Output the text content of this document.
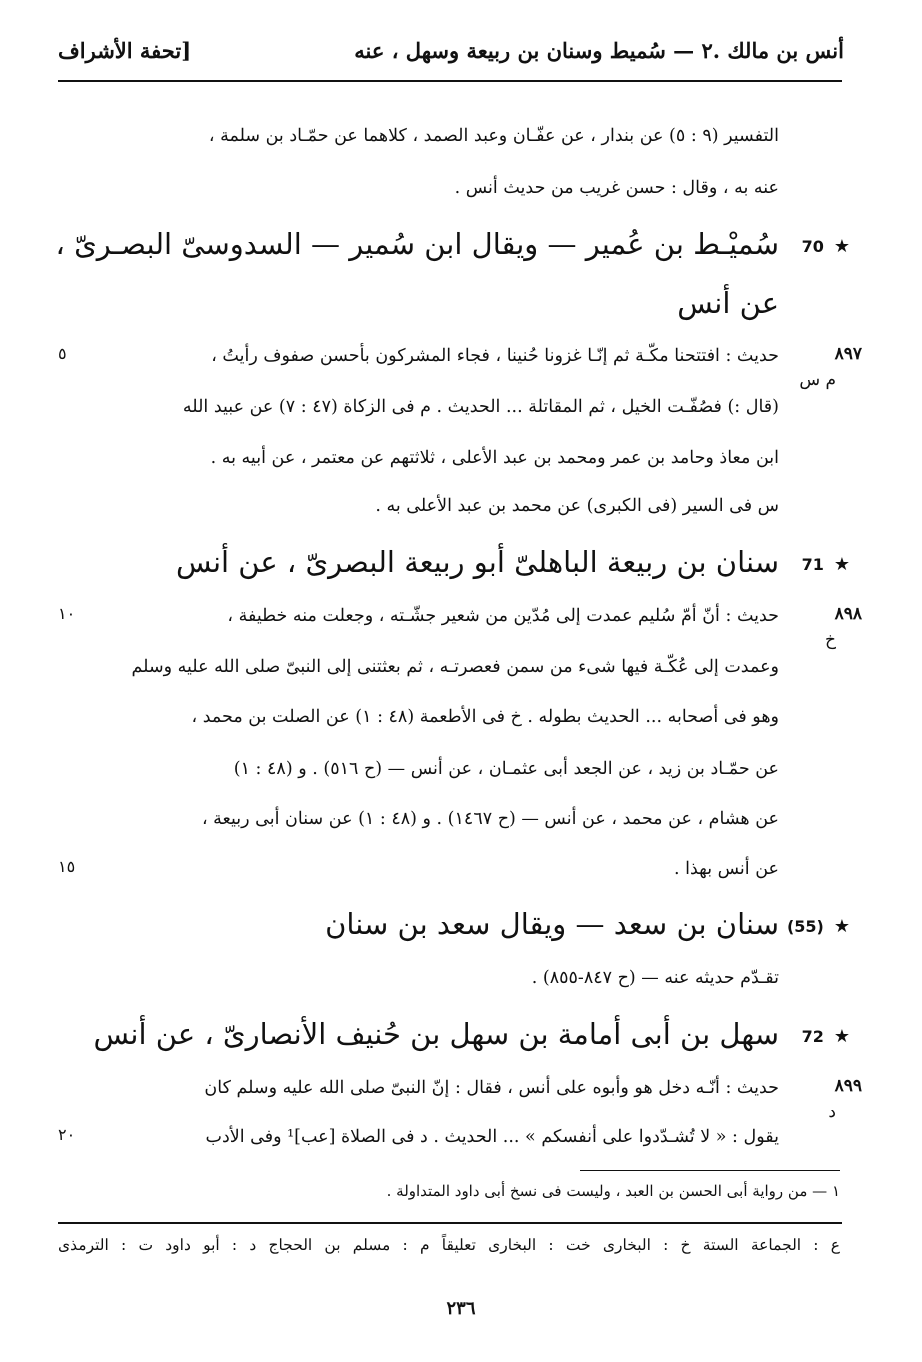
أنس بن مالك .٢ — سُميط وسنان بن ربيعة وسهل ، عنه
[تحفة الأشراف
التفسير (٩ : ٥) عن بندار ، عن عفّـان وعبد الصمد ، كلاهما عن حمّـاد بن سلمة ،
عنه به ، وقال : حسن غريب من حديث أنس .
سُميْـط بن عُمير — ويقال ابن سُمير — السدوسیّ البصـرىّ ، 70 ★
عن أنس
٨٩٧
م س
حديث : افتتحنا مكّـة ثم إنّـا غزونا حُنينا ، فجاء المشركون بأحسن صفوف رأيتُ ،
(قال :) فصُفّـت الخيل ، ثم المقاتلة ... الحديث . م فى الزكاة (٤٧ : ٧) عن عبيد الله
ابن معاذ وحامد بن عمر ومحمد بن عبد الأعلى ، ثلاثتهم عن معتمر ، عن أبيه به .
س فى السير (فى الكبرى) عن محمد بن عبد الأعلى به .
٥
سنان بن ربيعة الباهلیّ أبو ربيعة البصرىّ ، عن أنس 71 ★
٨٩٨
خ
حديث : أنّ أمّ سُليم عمدت إلى مُدّين من شعير جشّـته ، وجعلت منه خطيفة ،
وعمدت إلى عُكّـة فيها شیء من سمن فعصرتـه ، ثم بعثتنى إلى النبیّ صلى الله عليه وسلم
وهو فى أصحابه ... الحديث بطوله . خ فى الأطعمة (٤٨ : ١) عن الصلت بن محمد ،
عن حمّـاد بن زيد ، عن الجعد أبى عثمـان ، عن أنس — (ح ٥١٦) . و (٤٨ : ١)
عن هشام ، عن محمد ، عن أنس — (ح ١٤٦٧) . و (٤٨ : ١) عن سنان أبى ربيعة ،
عن أنس بهذا .
١٠
١٥
سنان بن سعد — ويقال سعد بن سنان (55) ★
تقـدّم حديثه عنه — (ح ٨٤٧-٨٥٥) .
سهل بن أبى أمامة بن سهل بن حُنيف الأنصارىّ ، عن أنس 72 ★
٨٩٩
د
حديث : أنّـه دخل هو وأبوه على أنس ، فقال : إنّ النبیّ صلى الله عليه وسلم كان
يقول : « لا تُشـدّدوا على أنفسكم » ... الحديث . د فى الصلاة [عب]¹ وفى الأدب
٢٠
١ — من رواية أبى الحسن بن العبد ، وليست فى نسخ أبى داود المتداولة .
ع : الجماعة الستة خ : البخارى خت : البخارى تعليقاً م : مسلم بن الحجاج د : أبو داود ت : الترمذى
٢٣٦
